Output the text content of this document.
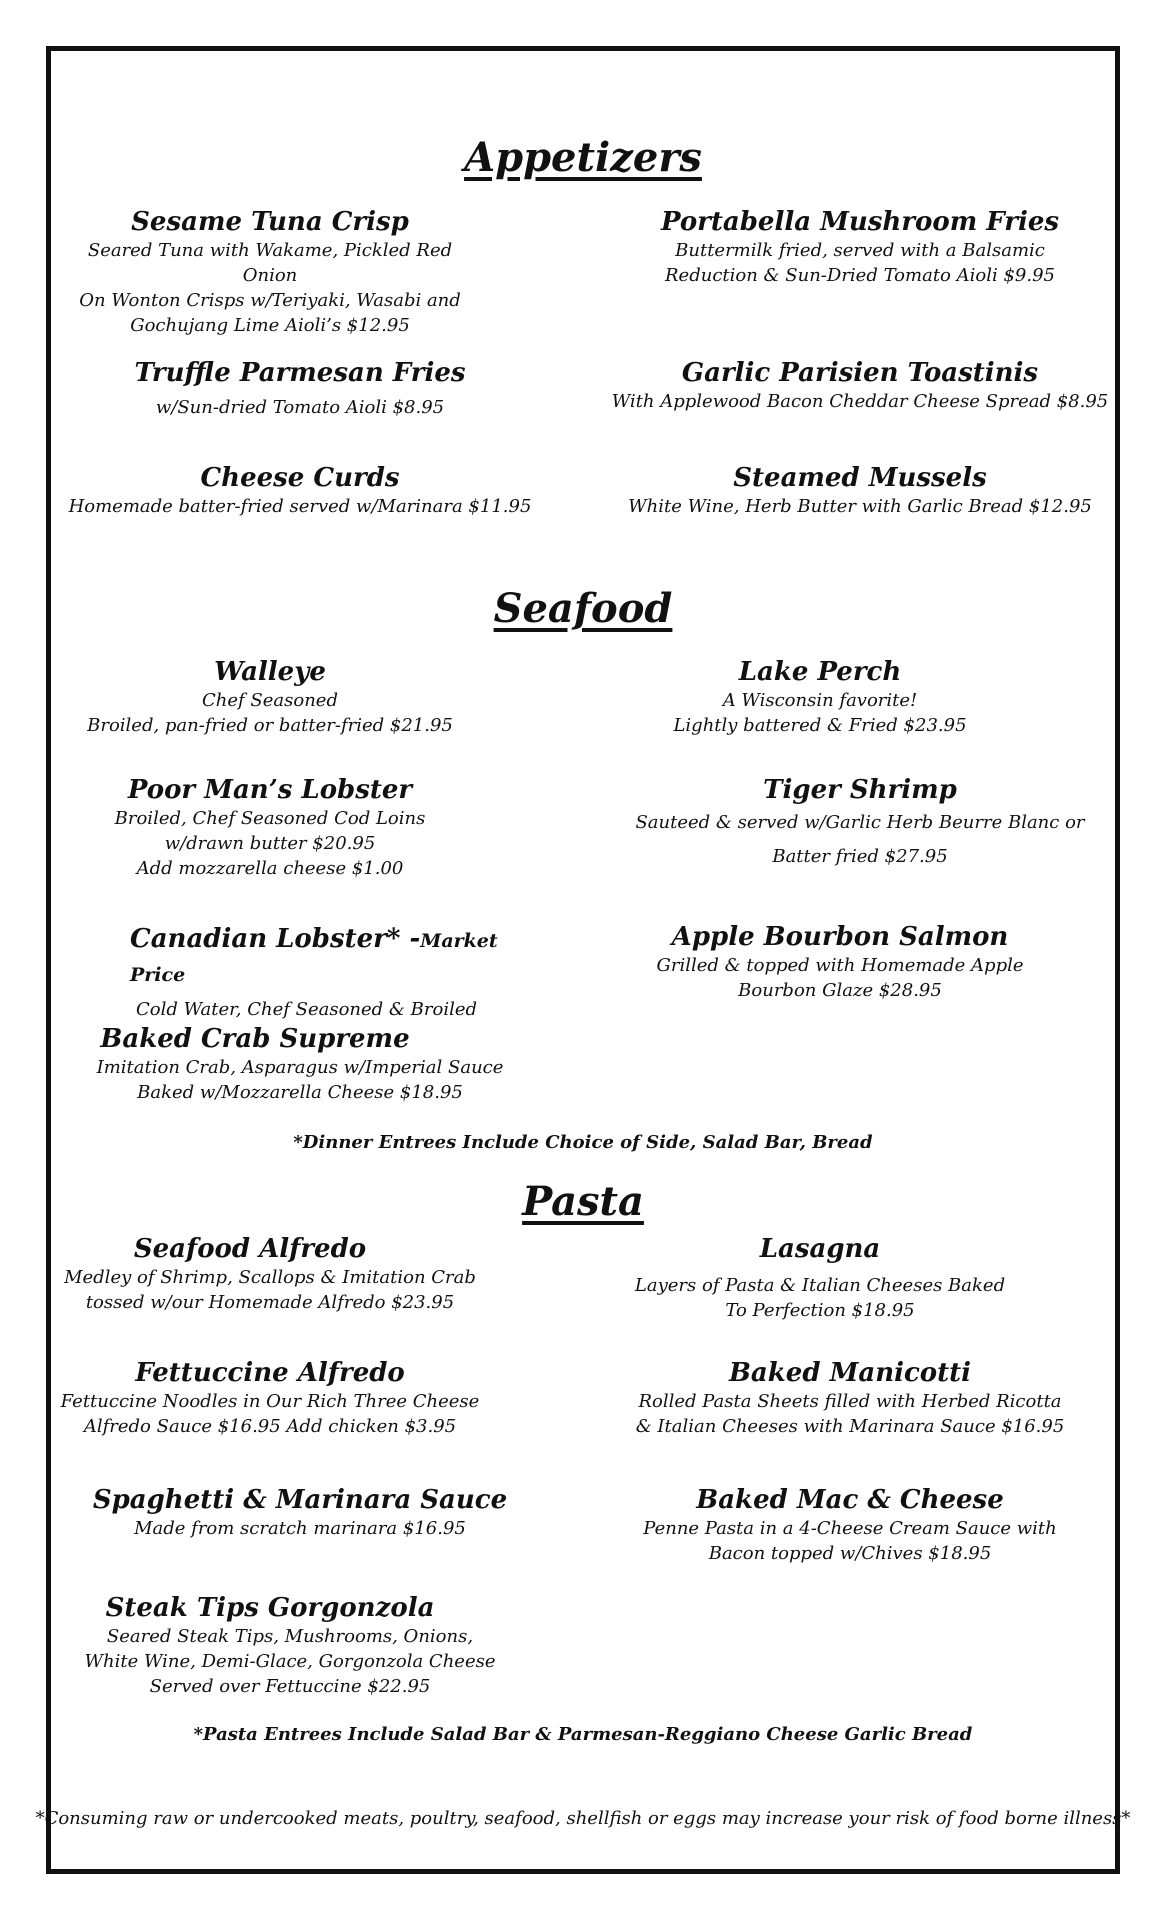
Appetizers
Sesame Tuna Crisp
Seared Tuna with Wakame, Pickled Red Onion
On Wonton Crisps w/Teriyaki, Wasabi and
Gochujang Lime Aioli’s $12.95
Portabella Mushroom Fries
Buttermilk fried, served with a Balsamic
Reduction & Sun-Dried Tomato Aioli $9.95
Truffle Parmesan Fries
w/Sun-dried Tomato Aioli $8.95
Garlic Parisien Toastinis
With Applewood Bacon Cheddar Cheese Spread $8.95
Cheese Curds
Homemade batter-fried served w/Marinara $11.95
Steamed Mussels
White Wine, Herb Butter with Garlic Bread $12.95
Seafood
Walleye
Chef Seasoned
Broiled, pan-fried or batter-fried $21.95
Lake Perch
A Wisconsin favorite!
Lightly battered & Fried $23.95
Poor Man’s Lobster
Broiled, Chef Seasoned Cod Loins
w/drawn butter $20.95
Add mozzarella cheese $1.00
Tiger Shrimp
Sauteed & served w/Garlic Herb Beurre Blanc or
Batter fried $27.95
Canadian Lobster* -Market Price
Cold Water, Chef Seasoned & Broiled
Apple Bourbon Salmon
Grilled & topped with Homemade Apple
Bourbon Glaze $28.95
Baked Crab Supreme
Imitation Crab, Asparagus w/Imperial Sauce
Baked w/Mozzarella Cheese $18.95
*Dinner Entrees Include Choice of Side, Salad Bar, Bread
Pasta
Seafood Alfredo
Medley of Shrimp, Scallops & Imitation Crab
tossed w/our Homemade Alfredo $23.95
Lasagna
Layers of Pasta & Italian Cheeses Baked
To Perfection $18.95
Fettuccine Alfredo
Fettuccine Noodles in Our Rich Three Cheese
Alfredo Sauce $16.95 Add chicken $3.95
Baked Manicotti
Rolled Pasta Sheets filled with Herbed Ricotta
& Italian Cheeses with Marinara Sauce $16.95
Spaghetti & Marinara Sauce
Made from scratch marinara $16.95
Baked Mac & Cheese
Penne Pasta in a 4-Cheese Cream Sauce with
Bacon topped w/Chives $18.95
Steak Tips Gorgonzola
Seared Steak Tips, Mushrooms, Onions,
White Wine, Demi-Glace, Gorgonzola Cheese
Served over Fettuccine $22.95
*Pasta Entrees Include Salad Bar & Parmesan-Reggiano Cheese Garlic Bread
*Consuming raw or undercooked meats, poultry, seafood, shellfish or eggs may increase your risk of food borne illness*
